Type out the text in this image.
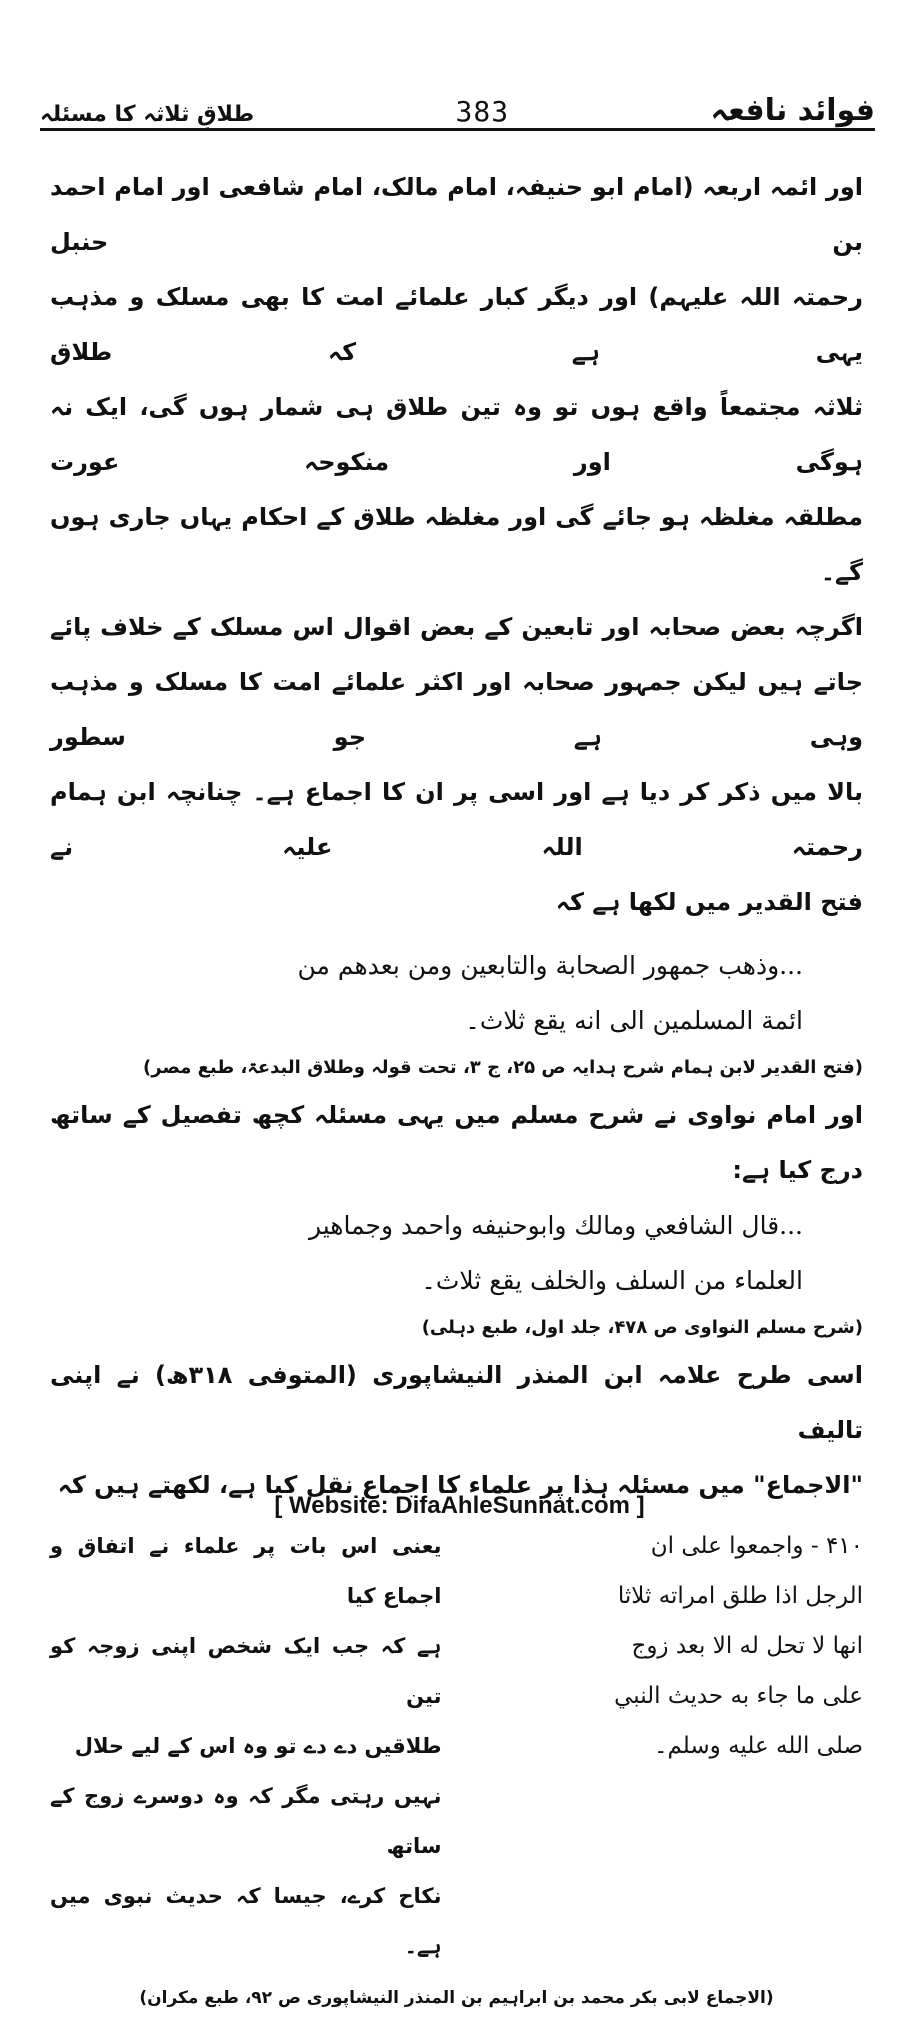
فوائد نافعہ
383
طلاقِ ثلاثہ کا مسئلہ

اور ائمہ اربعہ (امام ابو حنیفہ، امام مالک، امام شافعی اور امام احمد بن حنبل
رحمتہ اللہ علیہم) اور دیگر کبار علمائے امت کا بھی مسلک و مذہب یہی ہے کہ طلاق
ثلاثہ مجتمعاً واقع ہوں تو وہ تین طلاق ہی شمار ہوں گی، ایک نہ ہوگی اور منکوحہ عورت
مطلقہ مغلظہ ہو جائے گی اور مغلظہ طلاق کے احکام یہاں جاری ہوں گے۔

اگرچہ بعض صحابہ اور تابعین کے بعض اقوال اس مسلک کے خلاف پائے
جاتے ہیں لیکن جمہور صحابہ اور اکثر علمائے امت کا مسلک و مذہب وہی ہے جو سطور
بالا میں ذکر کر دیا ہے اور اسی پر ان کا اجماع ہے۔ چنانچہ ابن ہمام رحمتہ اللہ علیہ نے
فتح القدیر میں لکھا ہے کہ

...وذهب جمهور الصحابة والتابعين ومن بعدهم من
ائمة المسلمين الى انه يقع ثلاث۔

(فتح القدیر لابن ہمام شرح ہدایہ ص ۲۵، ج ۳، تحت قولہ وطلاق البدعۃ، طبع مصر)

اور امام نواوی نے شرح مسلم میں یہی مسئلہ کچھ تفصیل کے ساتھ درج کیا ہے:

...قال الشافعي ومالك وابوحنيفه واحمد وجماهير
العلماء من السلف والخلف يقع ثلاث۔

(شرح مسلم النواوی ص ۴۷۸، جلد اول، طبع دہلی)

اسی طرح علامہ ابن المنذر النیشاپوری (المتوفی ۳۱۸ھ) نے اپنی تالیف
"الاجماع" میں مسئلہ ہذا پر علماء کا اجماع نقل کیا ہے، لکھتے ہیں کہ

۴۱۰ - واجمعوا على ان
الرجل اذا طلق امراته ثلاثا
انها لا تحل له الا بعد زوج
على ما جاء به حديث النبي
صلى الله عليه وسلم۔
یعنی اس بات پر علماء نے اتفاق و اجماع کیا
ہے کہ جب ایک شخص اپنی زوجہ کو تین
طلاقیں دے دے تو وہ اس کے لیے حلال
نہیں رہتی مگر کہ وہ دوسرے زوج کے ساتھ
نکاح کرے، جیسا کہ حدیث نبوی میں ہے۔

(الاجماع لابی بکر محمد بن ابراہیم بن المنذر النیشاپوری ص ۹۲، طبع مکران)

[ Website: DifaAhleSunnat.com ]
